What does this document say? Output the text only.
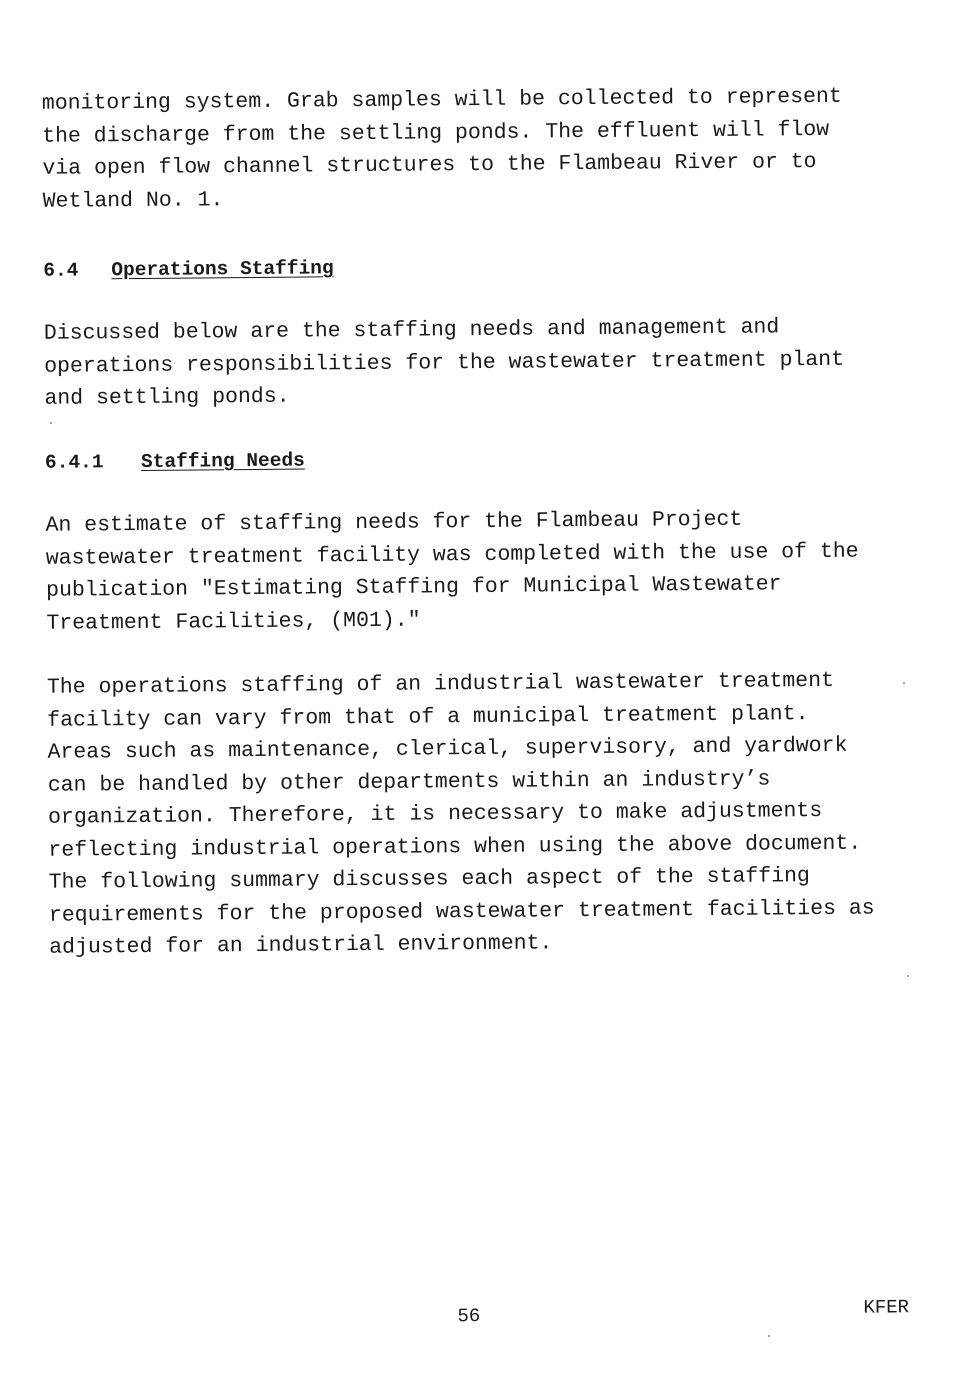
monitoring system. Grab samples will be collected to represent
the discharge from the settling ponds. The effluent will flow
via open flow channel structures to the Flambeau River or to
Wetland No. 1.

6.4 Operations Staffing

Discussed below are the staffing needs and management and
operations responsibilities for the wastewater treatment plant
and settling ponds.

6.4.1 Staffing Needs

An estimate of staffing needs for the Flambeau Project
wastewater treatment facility was completed with the use of the
publication "Estimating Staffing for Municipal Wastewater
Treatment Facilities, (M01)."

The operations staffing of an industrial wastewater treatment
facility can vary from that of a municipal treatment plant.
Areas such as maintenance, clerical, supervisory, and yardwork
can be handled by other departments within an industry’s
organization. Therefore, it is necessary to make adjustments
reflecting industrial operations when using the above document.
The following summary discusses each aspect of the staffing
requirements for the proposed wastewater treatment facilities as
adjusted for an industrial environment.

56	KFER
